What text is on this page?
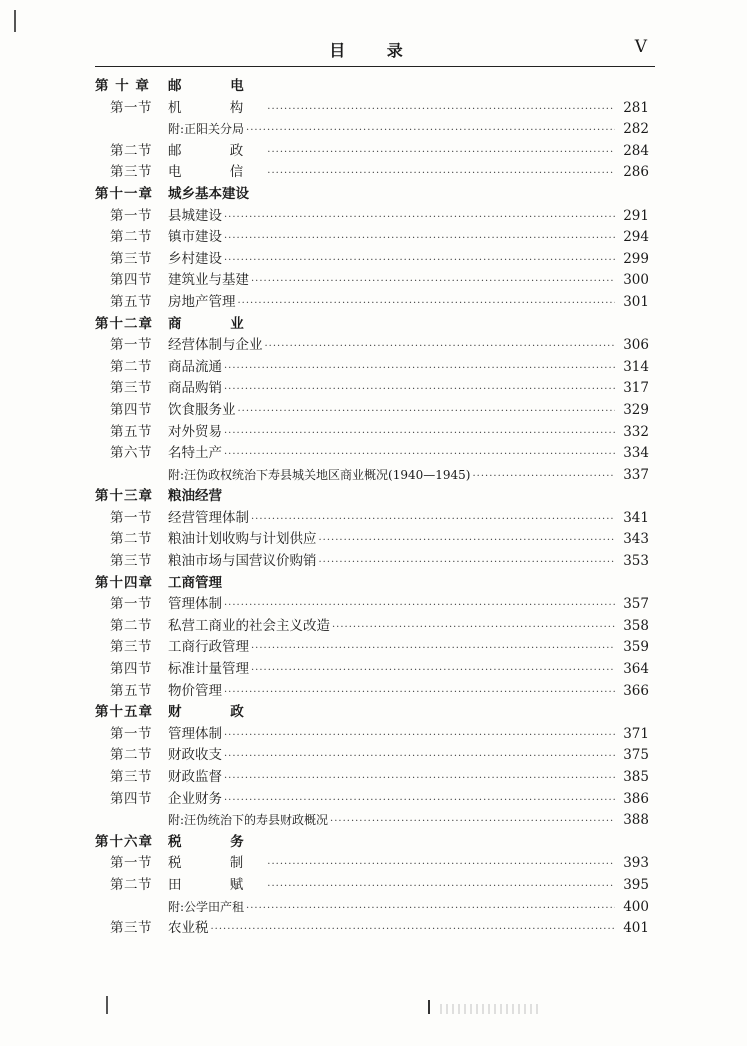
目 录	V
第 十 章 邮 电
第一节 机 构 ·····	281
附:正阳关分局 ·····	282
第二节 邮 政 ·····	284
第三节 电 信 ·····	286
第十一章 城乡基本建设
第一节 县城建设 ·····	291
第二节 镇市建设 ·····	294
第三节 乡村建设 ·····	299
第四节 建筑业与基建 ·····	300
第五节 房地产管理 ·····	301
第十二章 商 业
第一节 经营体制与企业 ·····	306
第二节 商品流通 ·····	314
第三节 商品购销 ·····	317
第四节 饮食服务业 ·····	329
第五节 对外贸易 ·····	332
第六节 名特土产 ·····	334
附:汪伪政权统治下寿县城关地区商业概况(1940—1945) ·····	337
第十三章 粮油经营
第一节 经营管理体制 ·····	341
第二节 粮油计划收购与计划供应 ·····	343
第三节 粮油市场与国营议价购销 ·····	353
第十四章 工商管理
第一节 管理体制 ·····	357
第二节 私营工商业的社会主义改造 ·····	358
第三节 工商行政管理 ·····	359
第四节 标准计量管理 ·····	364
第五节 物价管理 ·····	366
第十五章 财 政
第一节 管理体制 ·····	371
第二节 财政收支 ·····	375
第三节 财政监督 ·····	385
第四节 企业财务 ·····	386
附:汪伪统治下的寿县财政概况 ·····	388
第十六章 税 务
第一节 税 制 ·····	393
第二节 田 赋 ·····	395
附:公学田产租 ·····	400
第三节 农业税 ·····	401
